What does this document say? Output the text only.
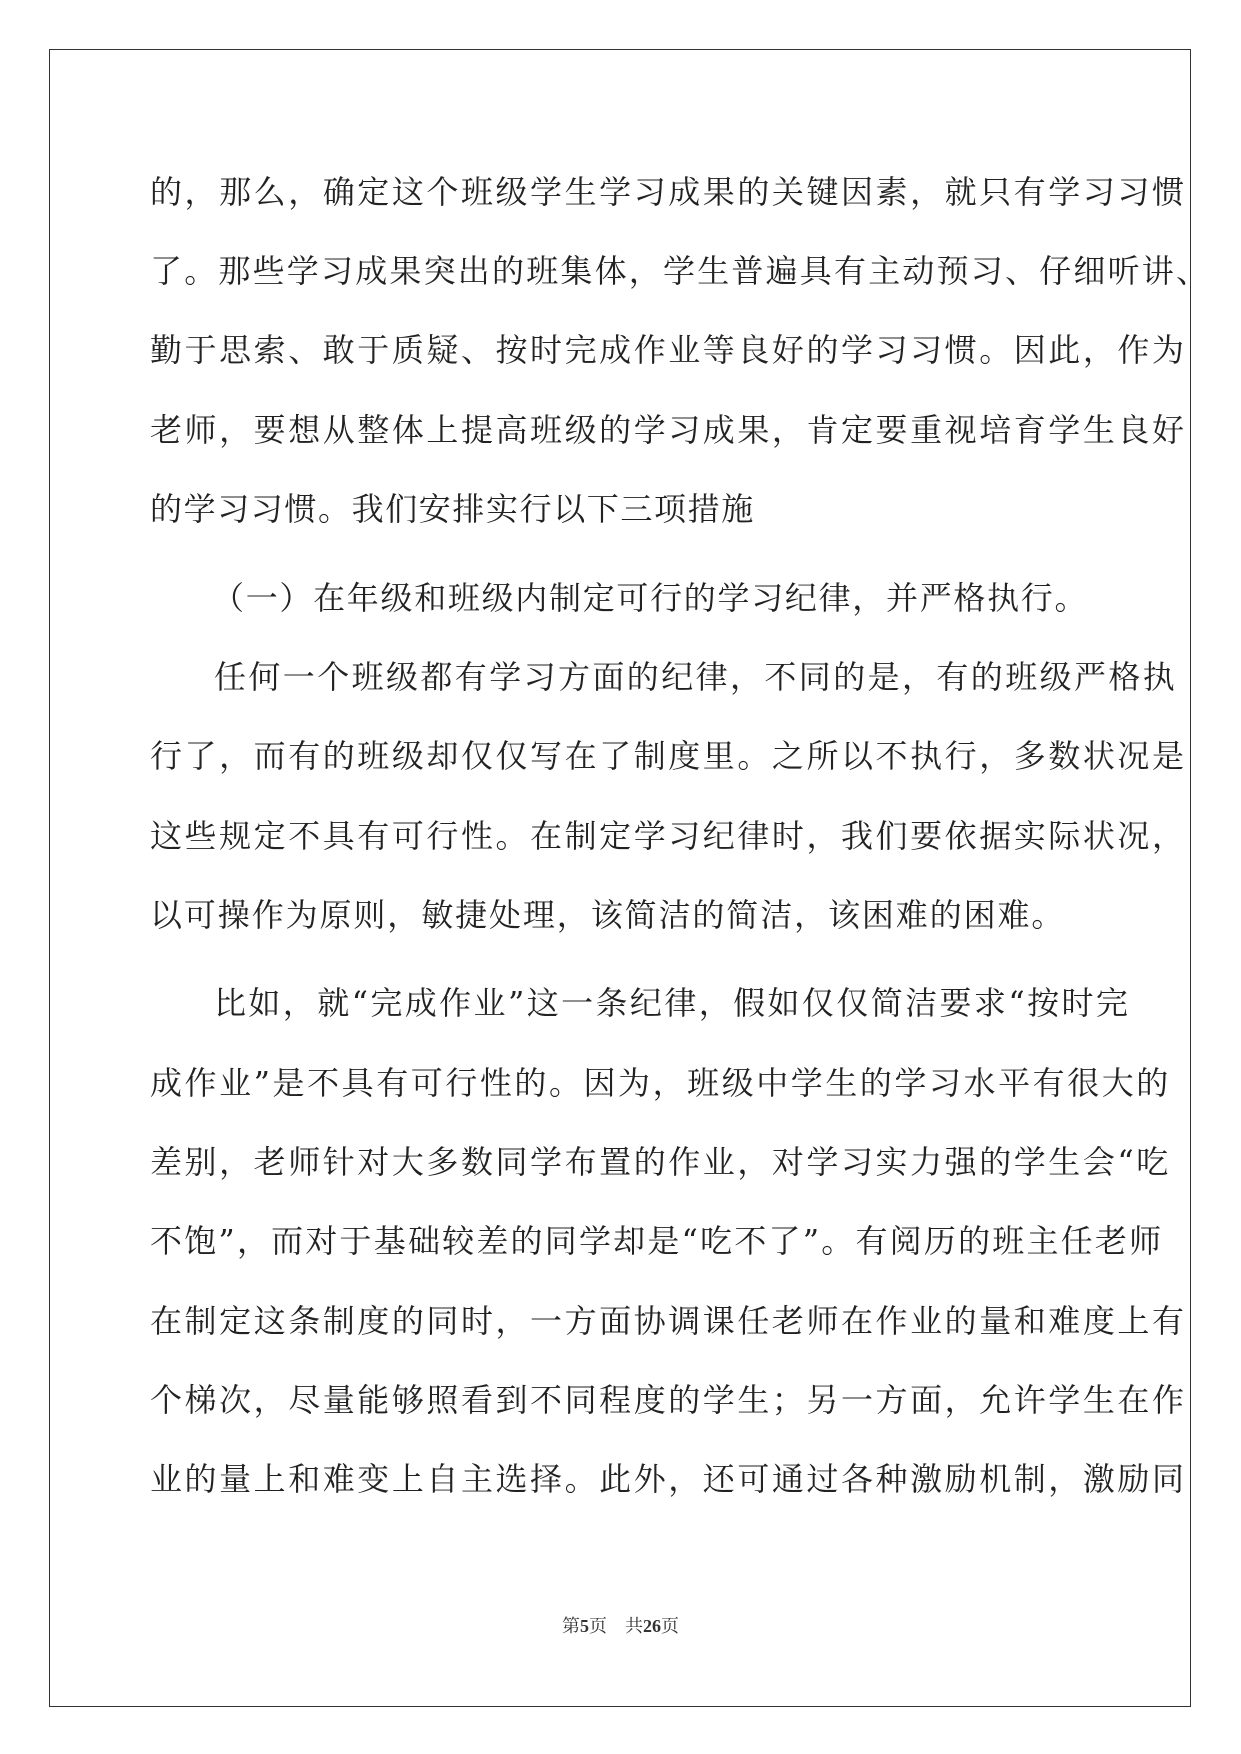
的，那么，确定这个班级学生学习成果的关键因素，就只有学习习惯
了。那些学习成果突出的班集体，学生普遍具有主动预习、仔细听讲、
勤于思索、敢于质疑、按时完成作业等良好的学习习惯。因此，作为
老师，要想从整体上提高班级的学习成果，肯定要重视培育学生良好
的学习习惯。我们安排实行以下三项措施
（一）在年级和班级内制定可行的学习纪律，并严格执行。
任何一个班级都有学习方面的纪律，不同的是，有的班级严格执
行了，而有的班级却仅仅写在了制度里。之所以不执行，多数状况是
这些规定不具有可行性。在制定学习纪律时，我们要依据实际状况，
以可操作为原则，敏捷处理，该简洁的简洁，该困难的困难。
比如，就“完成作业”这一条纪律，假如仅仅简洁要求“按时完
成作业”是不具有可行性的。因为，班级中学生的学习水平有很大的
差别，老师针对大多数同学布置的作业，对学习实力强的学生会“吃
不饱”，而对于基础较差的同学却是“吃不了”。有阅历的班主任老师
在制定这条制度的同时，一方面协调课任老师在作业的量和难度上有
个梯次，尽量能够照看到不同程度的学生；另一方面，允许学生在作
业的量上和难变上自主选择。此外，还可通过各种激励机制，激励同
第5页　共26页
